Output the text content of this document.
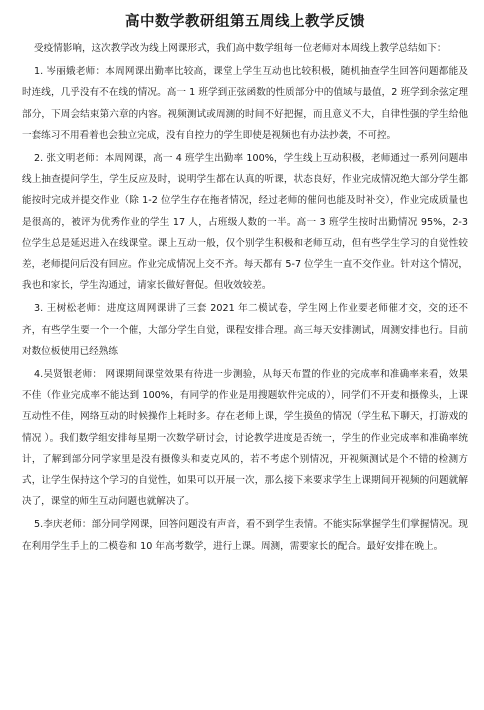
高中数学教研组第五周线上教学反馈

受疫情影响，这次教学改为线上网课形式，我们高中数学组每一位老师对本周线上教学总结如下：

1. 岑丽娥老师：本周网课出勤率比较高，课堂上学生互动也比较积极，随机抽查学生回答问题都能及时连线，几乎没有不在线的情况。高一 1 班学到正弦函数的性质部分中的值域与最值，2 班学到余弦定理部分，下周会结束第六章的内容。视频测试或周测的时间不好把握，而且意义不大，自律性强的学生给他一套练习不用看着也会独立完成，没有自控力的学生即使是视频也有办法抄袭，不可控。

2. 张文明老师：本周网课，高一 4 班学生出勤率 100%，学生线上互动积极，老师通过一系列问题串线上抽查提问学生，学生反应及时，说明学生都在认真的听课，状态良好，作业完成情况绝大部分学生都能按时完成并提交作业（除 1-2 位学生存在拖者情况，经过老师的催问也能及时补交），作业完成质量也是很高的，被评为优秀作业的学生 17 人，占班级人数的一半。高一 3 班学生按时出勤情况 95%，2-3 位学生总是延迟进入在线课堂。课上互动一般，仅个别学生积极和老师互动，但有些学生学习的自觉性较差，老师提问后没有回应。作业完成情况上交不齐。每天都有 5-7 位学生一直不交作业。针对这个情况，我也和家长，学生沟通过，请家长做好督促。但收效较差。

3. 王树松老师：进度这周网课讲了三套 2021 年二模试卷，学生网上作业要老师催才交，交的还不齐，有些学生要一个一个催，大部分学生自觉，课程安排合理。高三每天安排测试，周测安排也行。目前对数位板使用已经熟练

4.吴贤银老师： 网课期间课堂效果有待进一步测验，从每天布置的作业的完成率和准确率来看，效果不佳（作业完成率不能达到 100%，有同学的作业是用搜题软件完成的），同学们不开麦和摄像头，上课互动性不佳，网络互动的时候操作上耗时多。存在老师上课，学生摸鱼的情况（学生私下聊天，打游戏的情况 ）。我们数学组安排每星期一次数学研讨会，讨论教学进度是否统一，学生的作业完成率和准确率统计，了解到部分同学家里是没有摄像头和麦克风的，若不考虑个别情况，开视频测试是个不错的检测方式，让学生保持这个学习的自觉性，如果可以开展一次，那么接下来要求学生上课期间开视频的问题就解决了，课堂的师生互动问题也就解决了。

5.李庆老师：部分同学网课，回答问题没有声音，看不到学生表情。不能实际掌握学生们掌握情况。现在利用学生手上的二模卷和 10 年高考数学，进行上课。周测，需要家长的配合。最好安排在晚上。
